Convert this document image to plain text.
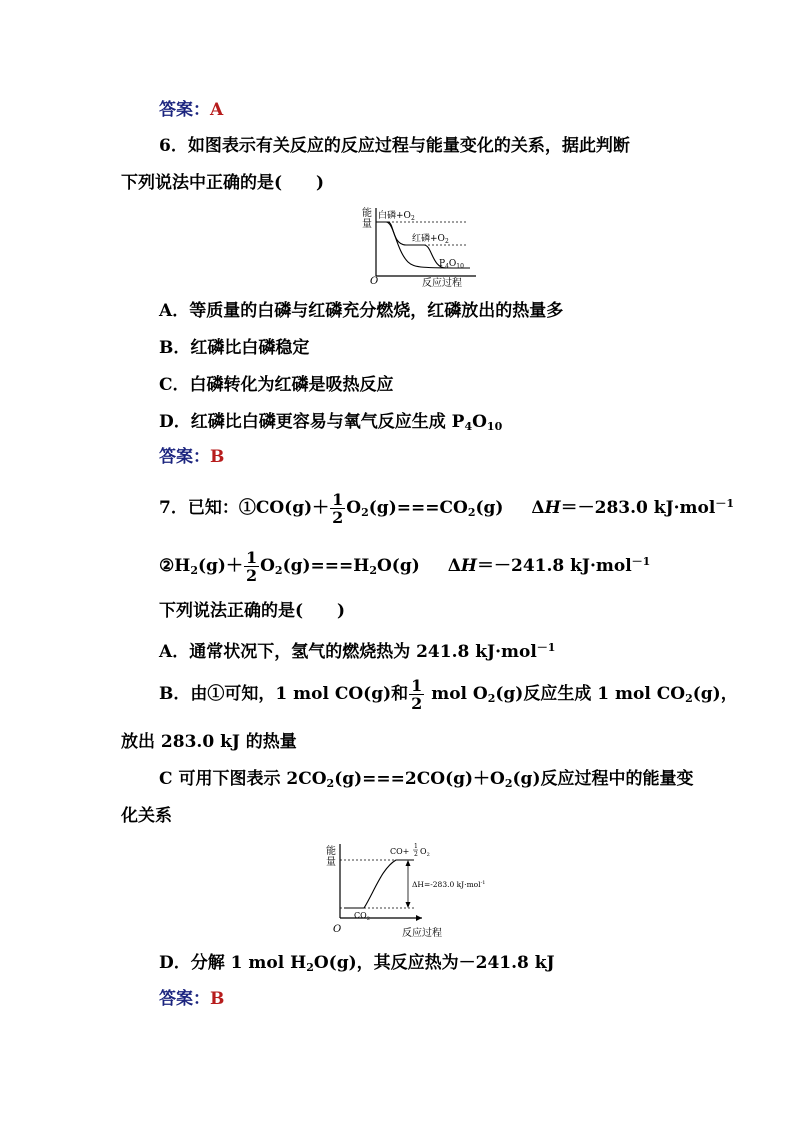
答案：A
6．如图表示有关反应的反应过程与能量变化的关系，据此判断
下列说法中正确的是(　　)
能
量
O	反应过程
白磷$+O_2$
红磷$+O_2$
$P_4O_{10}$
A．等质量的白磷与红磷充分燃烧，红磷放出的热量多
B．红磷比白磷稳定
C．白磷转化为红磷是吸热反应
D．红磷比白磷更容易与氧气反应生成 $P_4O_{10}$
答案：B
7．已知：①CO(g)＋ $\frac{1}{2} O_2(g)===CO_2(g)$ ΔH＝－283.0 kJ·mol$^{-1}$
$②H_2(g)+ \frac{1}{2} O_2(g)===H_2O(g)$ ΔH＝－241.8 kJ·mol$^{-1}$
下列说法正确的是(　　)
A．通常状况下，氢气的燃烧热为 241.8 kJ·mol$^{-1}$
B．由①可知，1 mol CO(g)和 $\frac{1}{2}$ mol $O_2(g)$反应生成 1 mol $CO_2(g)$，
放出 283.0 kJ 的热量
C 可用下图表示 $2CO_2(g)===2CO(g)+O_2(g)$反应过程中的能量变
化关系
能
量
O	反应过程
CO+
1
2 $O_2$
$CO_2$
ΔH=-283.0 kJ·mol$^{-1}$
D．分解 1 mol $H_2O(g)$，其反应热为－241.8 kJ
答案：B
